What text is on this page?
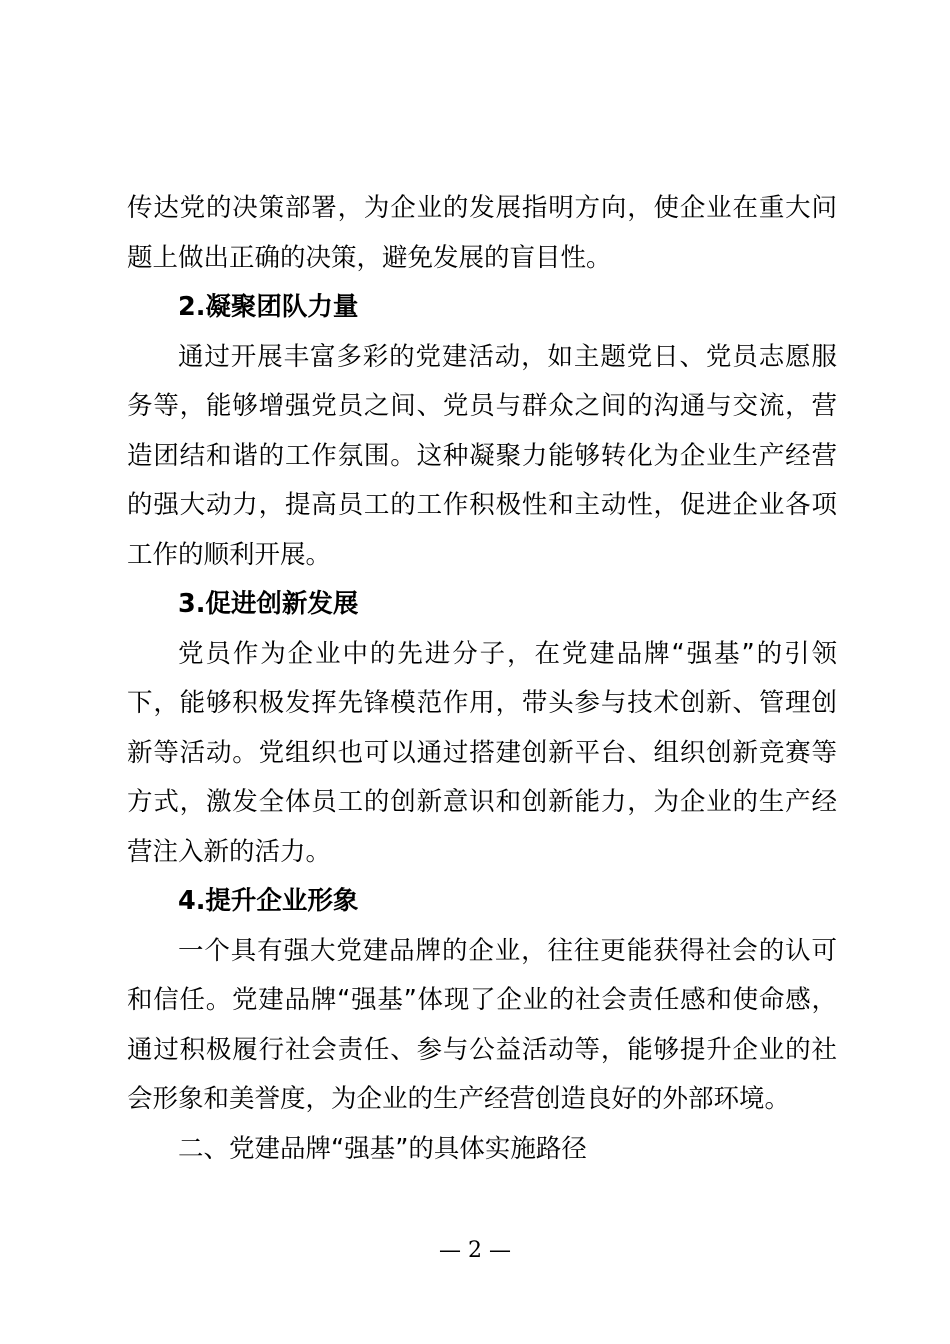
传达党的决策部署，为企业的发展指明方向，使企业在重大问题上做出正确的决策，避免发展的盲目性。

2.凝聚团队力量

通过开展丰富多彩的党建活动，如主题党日、党员志愿服务等，能够增强党员之间、党员与群众之间的沟通与交流，营造团结和谐的工作氛围。这种凝聚力能够转化为企业生产经营的强大动力，提高员工的工作积极性和主动性，促进企业各项工作的顺利开展。

3.促进创新发展

党员作为企业中的先进分子，在党建品牌“强基”的引领下，能够积极发挥先锋模范作用，带头参与技术创新、管理创新等活动。党组织也可以通过搭建创新平台、组织创新竞赛等方式，激发全体员工的创新意识和创新能力，为企业的生产经营注入新的活力。

4.提升企业形象

一个具有强大党建品牌的企业，往往更能获得社会的认可和信任。党建品牌“强基”体现了企业的社会责任感和使命感，通过积极履行社会责任、参与公益活动等，能够提升企业的社会形象和美誉度，为企业的生产经营创造良好的外部环境。

二、党建品牌“强基”的具体实施路径

— 2 —
